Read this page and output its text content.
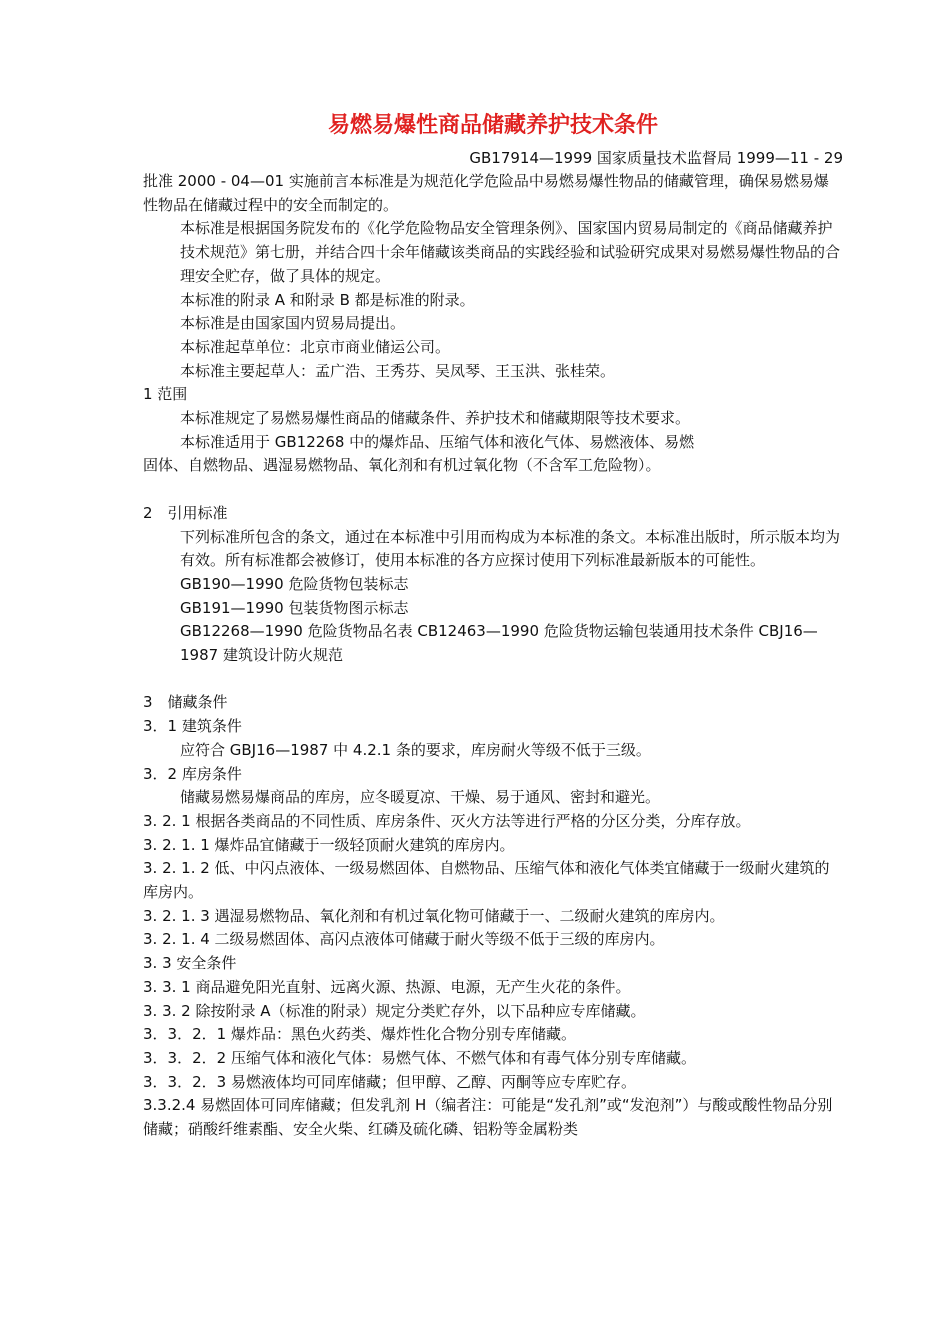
易燃易爆性商品储藏养护技术条件

GB17914—1999 国家质量技术监督局 1999—11 - 29

批准 2000 - 04—01 实施前言本标准是为规范化学危险品中易燃易爆性物品的储藏管理，确保易燃易爆性物品在储藏过程中的安全而制定的。

本标准是根据国务院发布的《化学危险物品安全管理条例》、国家国内贸易局制定的《商品储藏养护技术规范》第七册，并结合四十余年储藏该类商品的实践经验和试验研究成果对易燃易爆性物品的合理安全贮存，做了具体的规定。

本标准的附录 A 和附录 B 都是标准的附录。

本标准是由国家国内贸易局提出。

本标准起草单位：北京市商业储运公司。

本标准主要起草人：孟广浩、王秀芬、吴凤琴、王玉洪、张桂荣。

1 范围

本标准规定了易燃易爆性商品的储藏条件、养护技术和储藏期限等技术要求。

本标准适用于 GB12268 中的爆炸品、压缩气体和液化气体、易燃液体、易燃

固体、自燃物品、遇湿易燃物品、氧化剂和有机过氧化物（不含军工危险物）。

2　引用标准

下列标准所包含的条文，通过在本标准中引用而构成为本标准的条文。本标准出版时，所示版本均为有效。所有标准都会被修订，使用本标准的各方应探讨使用下列标准最新版本的可能性。

GB190—1990 危险货物包装标志

GB191—1990 包装货物图示标志

GB12268—1990 危险货物品名表 CB12463—1990 危险货物运输包装通用技术条件 CBJ16—1987 建筑设计防火规范

3　储藏条件

3．1 建筑条件

应符合 GBJ16—1987 中 4.2.1 条的要求，库房耐火等级不低于三级。

3．2 库房条件

储藏易燃易爆商品的库房，应冬暖夏凉、干燥、易于通风、密封和避光。

3. 2. 1 根据各类商品的不同性质、库房条件、灭火方法等进行严格的分区分类，分库存放。

3. 2. 1. 1 爆炸品宜储藏于一级轻顶耐火建筑的库房内。

3. 2. 1. 2 低、中闪点液体、一级易燃固体、自燃物品、压缩气体和液化气体类宜储藏于一级耐火建筑的库房内。

3. 2. 1. 3 遇湿易燃物品、氧化剂和有机过氧化物可储藏于一、二级耐火建筑的库房内。

3. 2. 1. 4 二级易燃固体、高闪点液体可储藏于耐火等级不低于三级的库房内。

3. 3 安全条件

3. 3. 1 商品避免阳光直射、远离火源、热源、电源，无产生火花的条件。

3. 3. 2 除按附录 A（标准的附录）规定分类贮存外，以下品种应专库储藏。

3．3．2．1 爆炸品：黑色火药类、爆炸性化合物分别专库储藏。

3．3．2．2 压缩气体和液化气体：易燃气体、不燃气体和有毒气体分别专库储藏。

3．3．2．3 易燃液体均可同库储藏；但甲醇、乙醇、丙酮等应专库贮存。

3.3.2.4 易燃固体可同库储藏；但发乳剂 H（编者注：可能是“发孔剂”或“发泡剂”）与酸或酸性物品分别储藏；硝酸纤维素酯、安全火柴、红磷及硫化磷、铝粉等金属粉类
